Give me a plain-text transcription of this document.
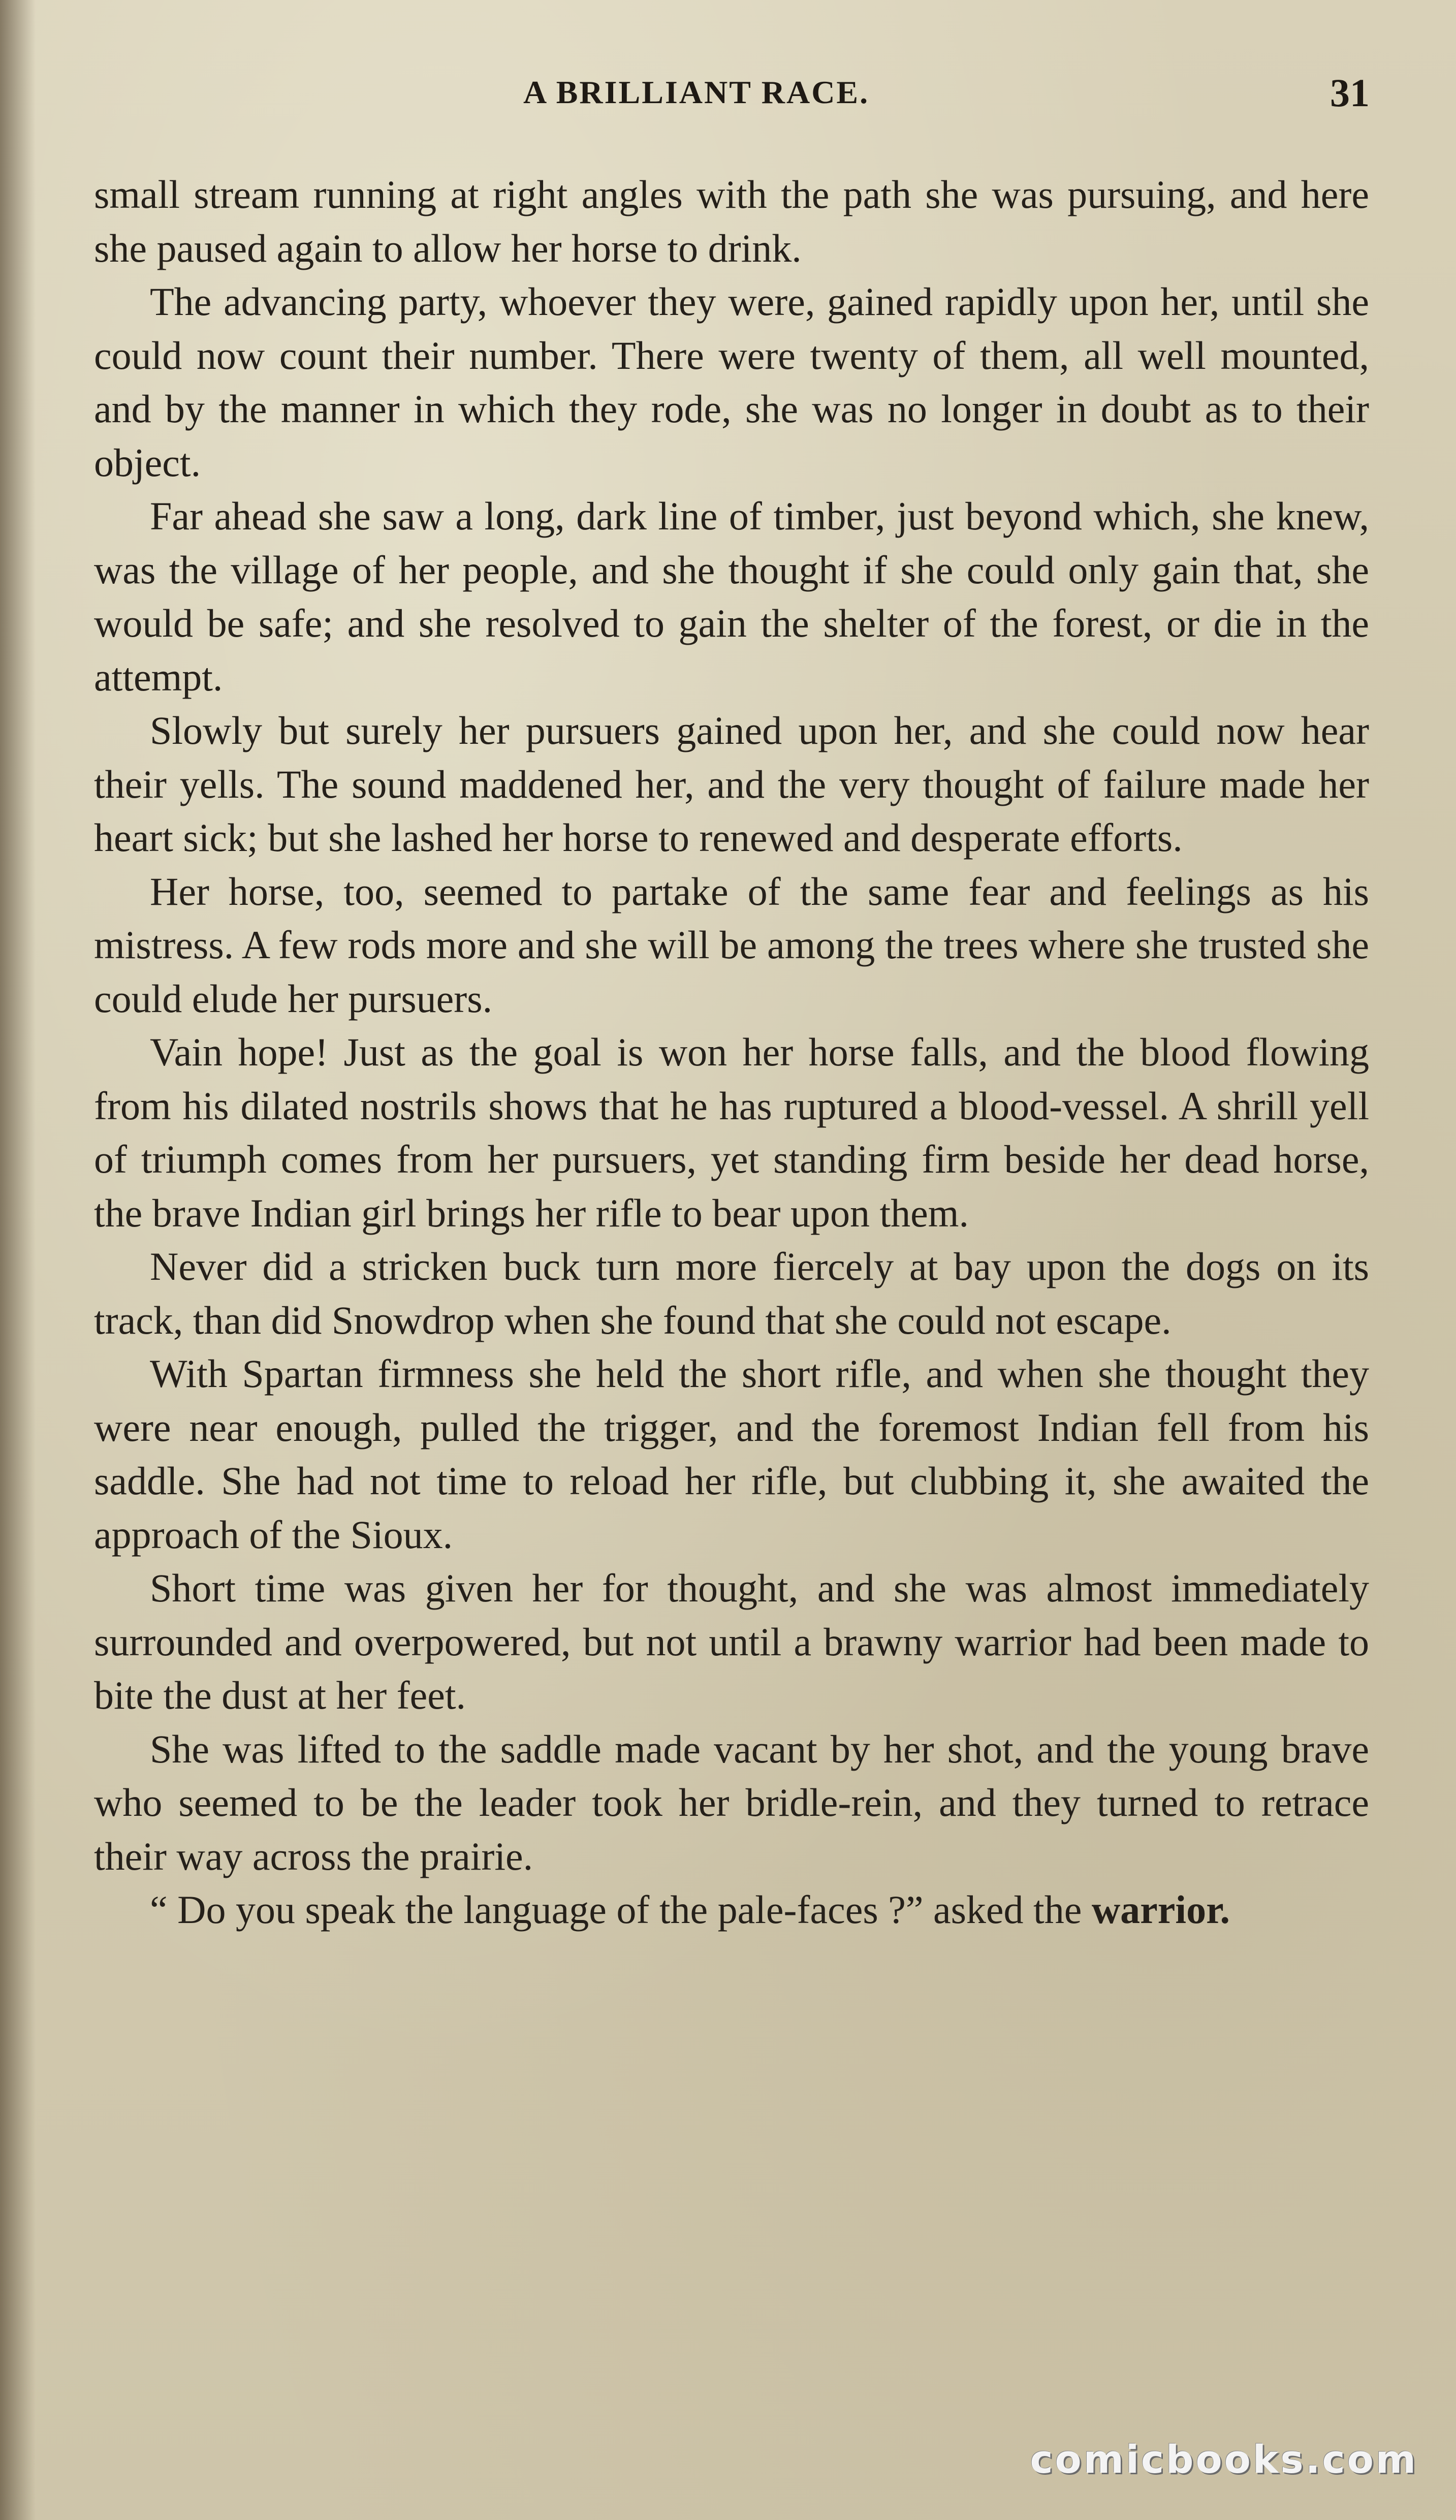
A BRILLIANT RACE.	31

small stream running at right angles with the path she was pursuing, and here she paused again to allow her horse to drink.

The advancing party, whoever they were, gained rapidly upon her, until she could now count their number. There were twenty of them, all well mounted, and by the manner in which they rode, she was no longer in doubt as to their object.

Far ahead she saw a long, dark line of timber, just beyond which, she knew, was the village of her people, and she thought if she could only gain that, she would be safe; and she resolved to gain the shelter of the forest, or die in the attempt.

Slowly but surely her pursuers gained upon her, and she could now hear their yells. The sound maddened her, and the very thought of failure made her heart sick; but she lashed her horse to renewed and desperate efforts.

Her horse, too, seemed to partake of the same fear and feelings as his mistress. A few rods more and she will be among the trees where she trusted she could elude her pursuers.

Vain hope! Just as the goal is won her horse falls, and the blood flowing from his dilated nostrils shows that he has ruptured a blood-vessel. A shrill yell of triumph comes from her pursuers, yet standing firm beside her dead horse, the brave Indian girl brings her rifle to bear upon them.

Never did a stricken buck turn more fiercely at bay upon the dogs on its track, than did Snowdrop when she found that she could not escape.

With Spartan firmness she held the short rifle, and when she thought they were near enough, pulled the trigger, and the foremost Indian fell from his saddle. She had not time to reload her rifle, but clubbing it, she awaited the approach of the Sioux.

Short time was given her for thought, and she was almost immediately surrounded and overpowered, but not until a brawny warrior had been made to bite the dust at her feet.

She was lifted to the saddle made vacant by her shot, and the young brave who seemed to be the leader took her bridle-rein, and they turned to retrace their way across the prairie.

“ Do you speak the language of the pale-faces ?” asked the warrior.

comicbooks.com
